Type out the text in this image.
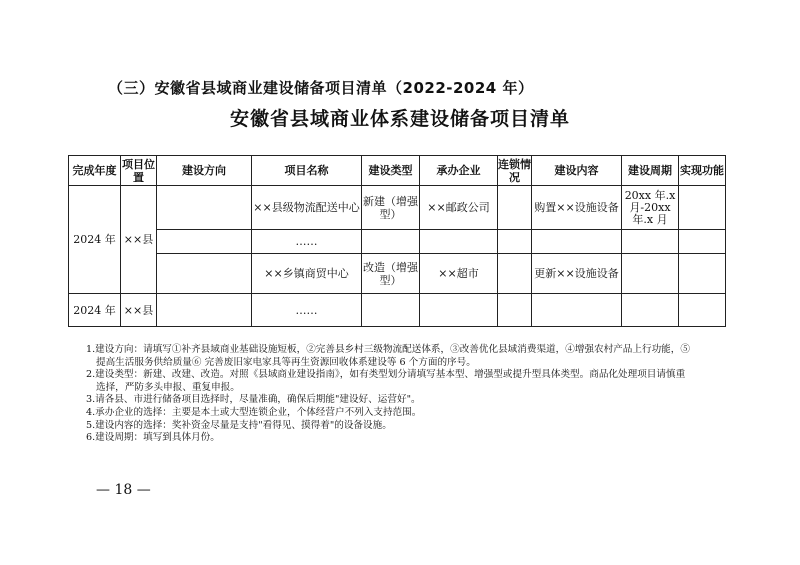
（三）安徽省县域商业建设储备项目清单（2022-2024 年）
安徽省县域商业体系建设储备项目清单
完成年度	项目位置	建设方向	项目名称	建设类型	承办企业	连锁情况	建设内容	建设周期	实现功能
2024 年	××县		××县级物流配送中心	新建（增强型）	××邮政公司		购置××设施设备	20xx 年.x 月-20xx 年.x 月	
			……						
			××乡镇商贸中心	改造（增强型）	××超市		更新××设施设备		
2024 年	××县		……						
1.建设方向：请填写①补齐县域商业基础设施短板，②完善县乡村三级物流配送体系，③改善优化县域消费渠道，④增强农村产品上行功能，⑤
提高生活服务供给质量⑥ 完善废旧家电家具等再生资源回收体系建设等 6 个方面的序号。
2.建设类型：新建、改建、改造。对照《县域商业建设指南》，如有类型划分请填写基本型、增强型或提升型具体类型。商品化处理项目请慎重
选择，严防多头申报、重复申报。
3.请各县、市进行储备项目选择时，尽量准确，确保后期能"建设好、运营好"。
4.承办企业的选择：主要是本土或大型连锁企业，个体经营户不列入支持范围。
5.建设内容的选择：奖补资金尽量是支持"看得见、摸得着"的设备设施。
6.建设周期：填写到具体月份。
— 18 —
